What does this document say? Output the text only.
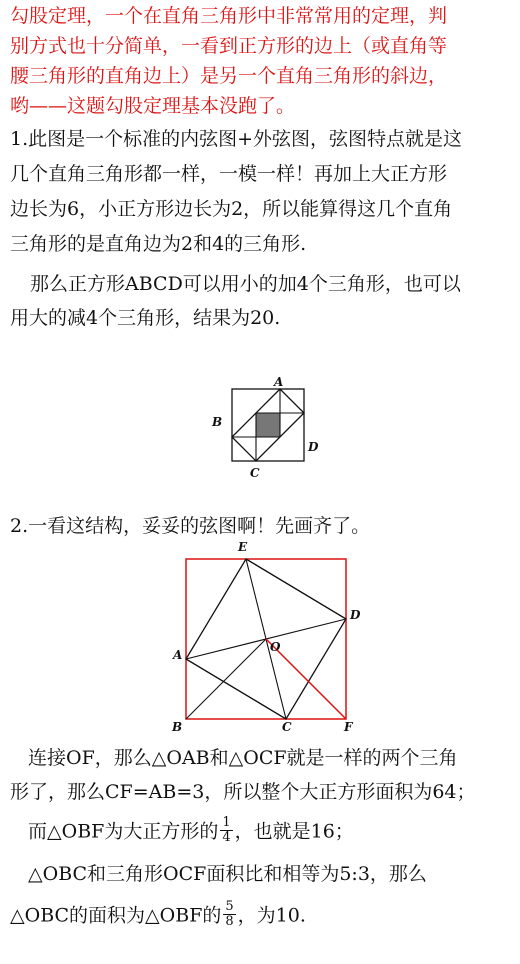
勾股定理，一个在直角三角形中非常常用的定理，判
别方式也十分简单，一看到正方形的边上（或直角等
腰三角形的直角边上）是另一个直角三角形的斜边，
哟——这题勾股定理基本没跑了。
1.此图是一个标准的内弦图+外弦图，弦图特点就是这
几个直角三角形都一样，一模一样！再加上大正方形
边长为6，小正方形边长为2，所以能算得这几个直角
三角形的是直角边为2和4的三角形.
那么正方形ABCD可以用小的加4个三角形，也可以
用大的减4个三角形，结果为20.
A
B
C
D
2.一看这结构，妥妥的弦图啊！先画齐了。
E
D
O
A
B	C	F
连接OF，那么△OAB和△OCF就是一样的两个三角
形了，那么CF=AB=3，所以整个大正方形面积为64；
而△OBF为大正方形的 $\frac{1}{4}$ ，也就是16；
△OBC和三角形OCF面积比和相等为5:3，那么
△OBC的面积为△OBF的 $\frac{5}{8}$ ，为10.
